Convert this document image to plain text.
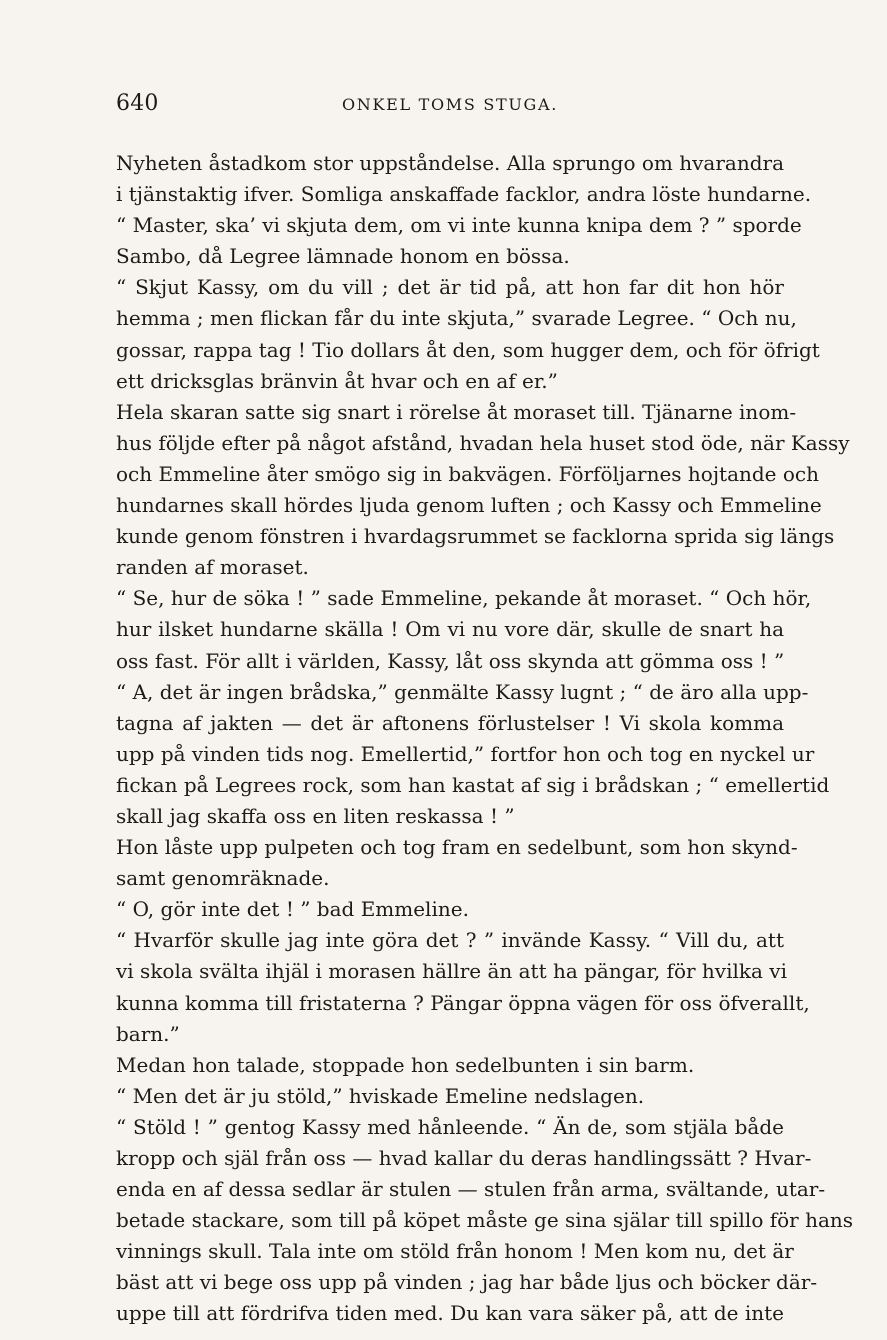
640	ONKEL TOMS STUGA.
Nyheten åstadkom stor uppståndelse. Alla sprungo om hvarandra
i tjänstaktig ifver. Somliga anskaffade facklor, andra löste hundarne.
“ Master, ska’ vi skjuta dem, om vi inte kunna knipa dem ? ” sporde
Sambo, då Legree lämnade honom en bössa.
“ Skjut Kassy, om du vill ; det är tid på, att hon far dit hon hör
hemma ; men flickan får du inte skjuta,” svarade Legree. “ Och nu,
gossar, rappa tag ! Tio dollars åt den, som hugger dem, och för öfrigt
ett dricksglas bränvin åt hvar och en af er.”
Hela skaran satte sig snart i rörelse åt moraset till. Tjänarne inom-
hus följde efter på något afstånd, hvadan hela huset stod öde, när Kassy
och Emmeline åter smögo sig in bakvägen. Förföljarnes hojtande och
hundarnes skall hördes ljuda genom luften ; och Kassy och Emmeline
kunde genom fönstren i hvardagsrummet se facklorna sprida sig längs
randen af moraset.
“ Se, hur de söka ! ” sade Emmeline, pekande åt moraset. “ Och hör,
hur ilsket hundarne skälla ! Om vi nu vore där, skulle de snart ha
oss fast. För allt i världen, Kassy, låt oss skynda att gömma oss ! ”
“ A, det är ingen brådska,” genmälte Kassy lugnt ; “ de äro alla upp-
tagna af jakten — det är aftonens förlustelser ! Vi skola komma
upp på vinden tids nog. Emellertid,” fortfor hon och tog en nyckel ur
fickan på Legrees rock, som han kastat af sig i brådskan ; “ emellertid
skall jag skaffa oss en liten reskassa ! ”
Hon låste upp pulpeten och tog fram en sedelbunt, som hon skynd-
samt genomräknade.
“ O, gör inte det ! ” bad Emmeline.
“ Hvarför skulle jag inte göra det ? ” invände Kassy. “ Vill du, att
vi skola svälta ihjäl i morasen hällre än att ha pängar, för hvilka vi
kunna komma till fristaterna ? Pängar öppna vägen för oss öfverallt,
barn.”
Medan hon talade, stoppade hon sedelbunten i sin barm.
“ Men det är ju stöld,” hviskade Emeline nedslagen.
“ Stöld ! ” gentog Kassy med hånleende. “ Än de, som stjäla både
kropp och själ från oss — hvad kallar du deras handlingssätt ? Hvar-
enda en af dessa sedlar är stulen — stulen från arma, svältande, utar-
betade stackare, som till på köpet måste ge sina själar till spillo för hans
vinnings skull. Tala inte om stöld från honom ! Men kom nu, det är
bäst att vi bege oss upp på vinden ; jag har både ljus och böcker där-
uppe till att fördrifva tiden med. Du kan vara säker på, att de inte
